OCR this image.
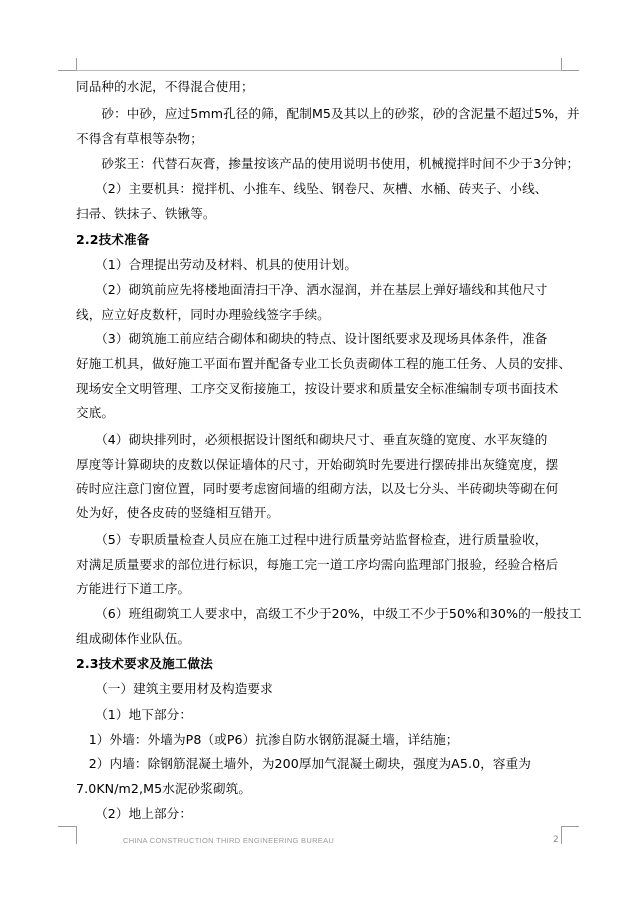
同品种的水泥，不得混合使用；
　　砂：中砂，应过5mm孔径的筛，配制M5及其以上的砂浆，砂的含泥量不超过5%，并
不得含有草根等杂物；
　　砂浆王：代替石灰膏，掺量按该产品的使用说明书使用，机械搅拌时间不少于3分钟；
　　（2）主要机具：搅拌机、小推车、线坠、钢卷尺、灰槽、水桶、砖夹子、小线、
扫帚、铁抹子、铁锹等。
2.2技术准备
　　（1）合理提出劳动及材料、机具的使用计划。
　　（2）砌筑前应先将楼地面清扫干净、洒水湿润，并在基层上弹好墙线和其他尺寸
线，应立好皮数杆，同时办理验线签字手续。
　　（3）砌筑施工前应结合砌体和砌块的特点、设计图纸要求及现场具体条件，准备
好施工机具，做好施工平面布置并配备专业工长负责砌体工程的施工任务、人员的安排、
现场安全文明管理、工序交叉衔接施工，按设计要求和质量安全标准编制专项书面技术
交底。
　　（4）砌块排列时，必须根据设计图纸和砌块尺寸、垂直灰缝的宽度、水平灰缝的
厚度等计算砌块的皮数以保证墙体的尺寸，开始砌筑时先要进行摆砖排出灰缝宽度，摆
砖时应注意门窗位置，同时要考虑窗间墙的组砌方法，以及七分头、半砖砌块等砌在何
处为好，使各皮砖的竖缝相互错开。
　　（5）专职质量检查人员应在施工过程中进行质量旁站监督检查，进行质量验收，
对满足质量要求的部位进行标识，每施工完一道工序均需向监理部门报验，经验合格后
方能进行下道工序。
　　（6）班组砌筑工人要求中，高级工不少于20%，中级工不少于50%和30%的一般技工
组成砌体作业队伍。
2.3技术要求及施工做法
　　（一）建筑主要用材及构造要求
　　（1）地下部分：
　1）外墙：外墙为P8（或P6）抗渗自防水钢筋混凝土墙，详结施；
　2）内墙：除钢筋混凝土墙外，为200厚加气混凝土砌块，强度为A5.0，容重为
7.0KN/m2,M5水泥砂浆砌筑。
　　（2）地上部分：
CHINA CONSTRUCTION THIRD ENGINEERING BUREAU	2
